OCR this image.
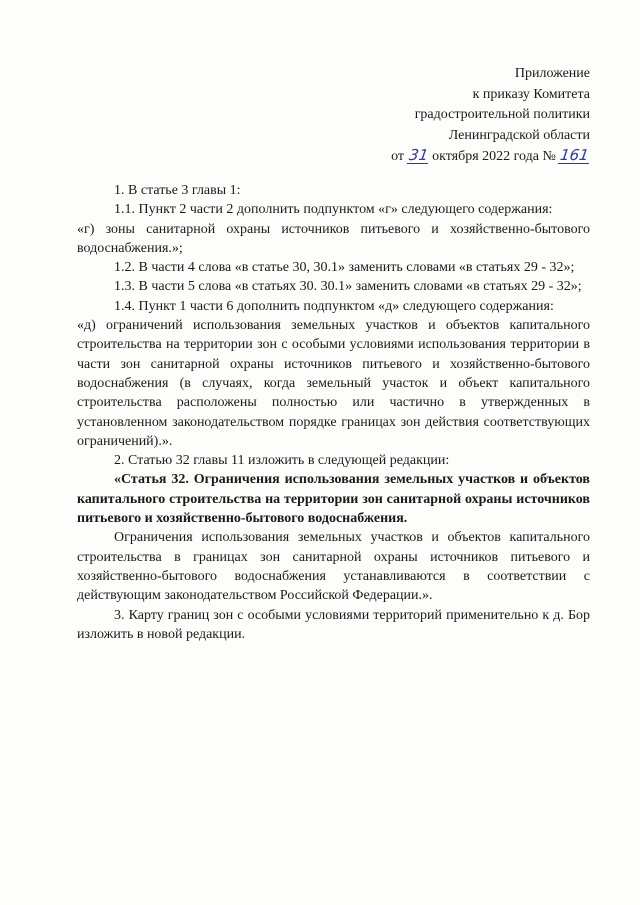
Приложение
к приказу Комитета
градостроительной политики
Ленинградской области
от 31 октября 2022 года № 161

1. В статье 3 главы 1:

1.1. Пункт 2 части 2 дополнить подпунктом «г» следующего содержания:

«г) зоны санитарной охраны источников питьевого и хозяйственно-бытового водоснабжения.»;

1.2. В части 4 слова «в статье 30, 30.1» заменить словами «в статьях 29 - 32»;

1.3. В части 5 слова «в статьях 30. 30.1» заменить словами «в статьях 29 - 32»;

1.4. Пункт 1 части 6 дополнить подпунктом «д» следующего содержания:

«д) ограничений использования земельных участков и объектов капитального строительства на территории зон с особыми условиями использования территории в части зон санитарной охраны источников питьевого и хозяйственно-бытового водоснабжения (в случаях, когда земельный участок и объект капитального строительства расположены полностью или частично в утвержденных в установленном законодательством порядке границах зон действия соответствующих ограничений).».

2. Статью 32 главы 11 изложить в следующей редакции:

«Статья 32. Ограничения использования земельных участков и объектов капитального строительства на территории зон санитарной охраны источников питьевого и хозяйственно-бытового водоснабжения.

Ограничения использования земельных участков и объектов капитального строительства в границах зон санитарной охраны источников питьевого и хозяйственно-бытового водоснабжения устанавливаются в соответствии с действующим законодательством Российской Федерации.».

3. Карту границ зон с особыми условиями территорий применительно к д. Бор изложить в новой редакции.
